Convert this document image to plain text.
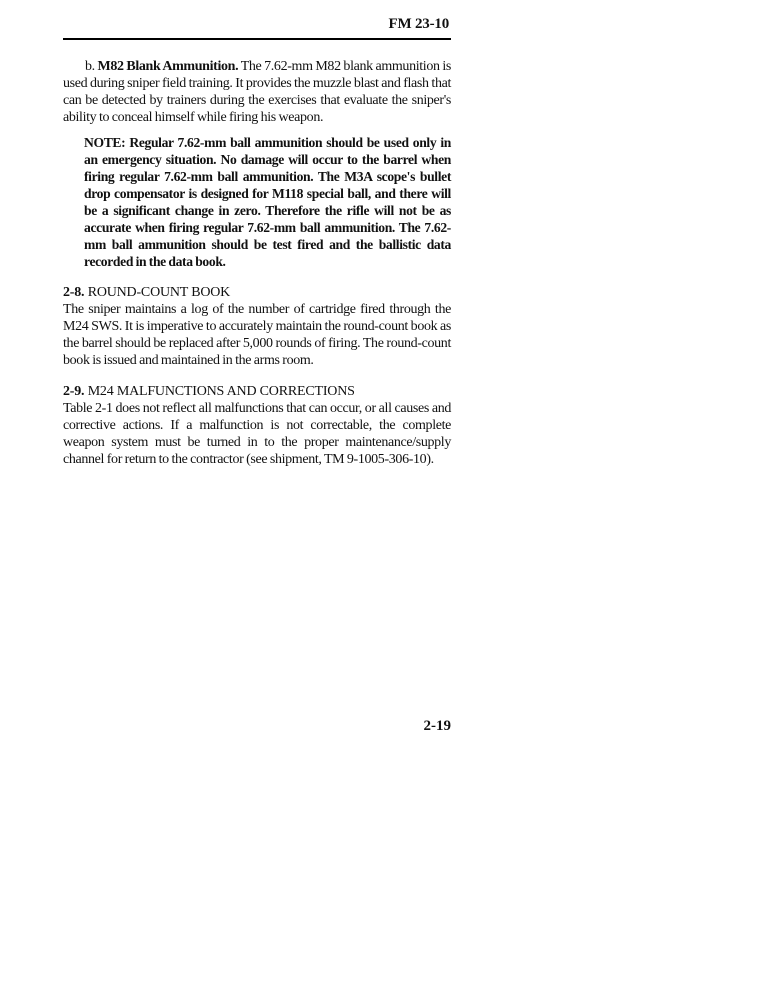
FM 23-10

b. M82 Blank Ammunition. The 7.62-mm M82 blank ammunition is used during sniper field training. It provides the muzzle blast and flash that can be detected by trainers during the exercises that evaluate the sniper's ability to conceal himself while firing his weapon.

NOTE: Regular 7.62-mm ball ammunition should be used only in an emergency situation. No damage will occur to the barrel when firing regular 7.62-mm ball ammunition. The M3A scope's bullet drop compensator is designed for M118 special ball, and there will be a significant change in zero. Therefore the rifle will not be as accurate when firing regular 7.62-mm ball ammunition. The 7.62-mm ball ammunition should be test fired and the ballistic data recorded in the data book.

2-8. ROUND-COUNT BOOK

The sniper maintains a log of the number of cartridge fired through the M24 SWS. It is imperative to accurately maintain the round-count book as the barrel should be replaced after 5,000 rounds of firing. The round-count book is issued and maintained in the arms room.

2-9. M24 MALFUNCTIONS AND CORRECTIONS

Table 2-1 does not reflect all malfunctions that can occur, or all causes and corrective actions. If a malfunction is not correctable, the complete weapon system must be turned in to the proper maintenance/supply channel for return to the contractor (see shipment, TM 9-1005-306-10).

2-19
